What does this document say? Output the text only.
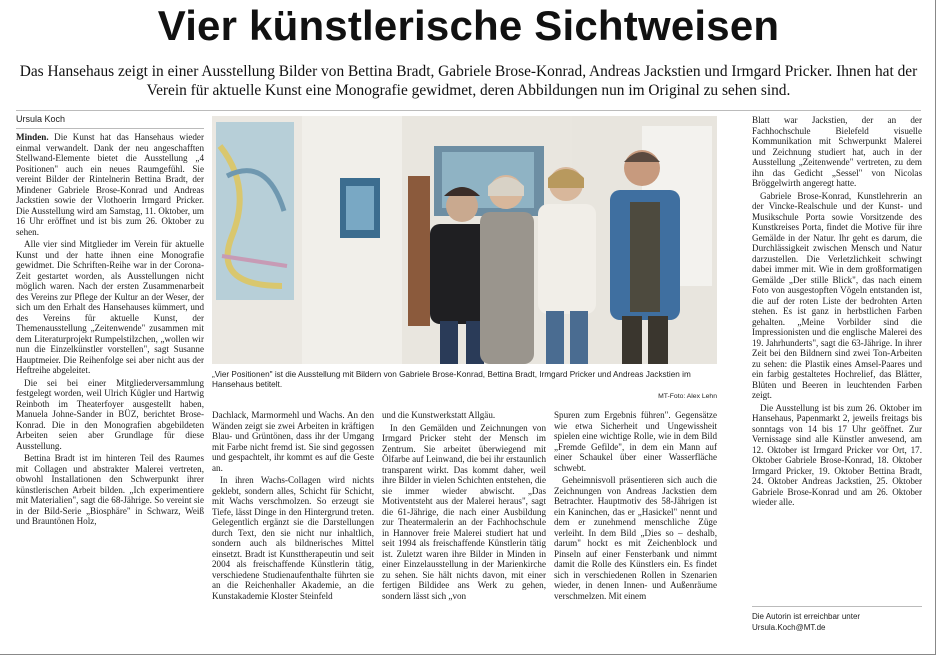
Vier künstlerische Sichtweisen

Das Hansehaus zeigt in einer Ausstellung Bilder von Bettina Bradt, Gabriele Brose-Konrad, Andreas Jackstien und Irmgard Pricker. Ihnen hat der Verein für aktuelle Kunst eine Monografie gewidmet, deren Abbildungen nun im Original zu sehen sind.

Ursula Koch
„Vier Positionen" ist die Ausstellung mit Bildern von Gabriele Brose-Konrad, Bettina Bradt, Irmgard Pricker und Andreas Jackstien im Hansehaus betitelt.
MT-Foto: Alex Lehn

Minden. Die Kunst hat das Hansehaus wieder einmal verwandelt. Dank der neu angeschafften Stellwand-Elemente bietet die Ausstellung „4 Positionen" auch ein neues Raumgefühl. Sie vereint Bilder der Rintelnerin Bettina Bradt, der Mindener Gabriele Brose-Konrad und Andreas Jackstien sowie der Vlothoerin Irmgard Pricker. Die Ausstellung wird am Samstag, 11. Oktober, um 16 Uhr eröffnet und ist bis zum 26. Oktober zu sehen.

Alle vier sind Mitglieder im Verein für aktuelle Kunst und der hatte ihnen eine Monografie gewidmet. Die Schriften-Reihe war in der Corona-Zeit gestartet worden, als Ausstellungen nicht möglich waren. Nach der ersten Zusammenarbeit des Vereins zur Pflege der Kultur an der Weser, der sich um den Erhalt des Hansehauses kümmert, und des Vereins für aktuelle Kunst, der Themenausstellung „Zeitenwende" zusammen mit dem Literaturprojekt Rumpelstilzchen, „wollen wir nun die Einzelkünstler vorstellen", sagt Susanne Hauptmeier. Die Reihenfolge sei aber nicht aus der Heftreihe abgeleitet.

Die sei bei einer Mitgliederversammlung festgelegt worden, weil Ulrich Kügler und Hartwig Reinboth im Theaterfoyer ausgestellt haben, Manuela Johne-Sander in BÜZ, berichtet Brose-Konrad. Die in den Monografien abgebildeten Arbeiten seien aber Grundlage für diese Ausstellung.

Bettina Bradt ist im hinteren Teil des Raumes mit Collagen und abstrakter Malerei vertreten, obwohl Installationen den Schwerpunkt ihrer künstlerischen Arbeit bilden. „Ich experimentiere mit Materialien", sagt die 68-Jährige. So vereint sie in der Bild-Serie „Biosphäre" in Schwarz, Weiß und Brauntönen Holz,

Dachlack, Marmormehl und Wachs. An den Wänden zeigt sie zwei Arbeiten in kräftigen Blau- und Grüntönen, dass ihr der Umgang mit Farbe nicht fremd ist. Sie sind gegossen und gespachtelt, ihr kommt es auf die Geste an.

In ihren Wachs-Collagen wird nichts geklebt, sondern alles, Schicht für Schicht, mit Wachs verschmolzen. So erzeugt sie Tiefe, lässt Dinge in den Hintergrund treten. Gelegentlich ergänzt sie die Darstellungen durch Text, den sie nicht nur inhaltlich, sondern auch als bildnerisches Mittel einsetzt. Bradt ist Kunsttherapeutin und seit 2004 als freischaffende Künstlerin tätig, verschiedene Studienaufenthalte führten sie an die Reichenhaller Akademie, an die Kunstakademie Kloster Steinfeld

und die Kunstwerkstatt Allgäu.

In den Gemälden und Zeichnungen von Irmgard Pricker steht der Mensch im Zentrum. Sie arbeitet überwiegend mit Ölfarbe auf Leinwand, die bei ihr erstaunlich transparent wirkt. Das kommt daher, weil ihre Bilder in vielen Schichten entstehen, die sie immer wieder abwischt. „Das Motiventsteht aus der Malerei heraus", sagt die 61-Jährige, die nach einer Ausbildung zur Theatermalerin an der Fachhochschule in Hannover freie Malerei studiert hat und seit 1994 als freischaffende Künstlerin tätig ist. Zuletzt waren ihre Bilder in Minden in einer Einzelausstellung in der Marienkirche zu sehen. Sie hält nichts davon, mit einer fertigen Bildidee ans Werk zu gehen, sondern lässt sich „von

Spuren zum Ergebnis führen". Gegensätze wie etwa Sicherheit und Ungewissheit spielen eine wichtige Rolle, wie in dem Bild „Fremde Gefilde", in dem ein Mann auf einer Schaukel über einer Wasserfläche schwebt.

Geheimnisvoll präsentieren sich auch die Zeichnungen von Andreas Jackstien dem Betrachter. Hauptmotiv des 58-Jährigen ist ein Kaninchen, das er „Hasickel" nennt und dem er zunehmend menschliche Züge verleiht. In dem Bild „Dies so – deshalb, darum" hockt es mit Zeichenblock und Pinseln auf einer Fensterbank und nimmt damit die Rolle des Künstlers ein. Es findet sich in verschiedenen Rollen in Szenarien wieder, in denen Innen- und Außenräume verschmelzen. Mit einem

Blatt war Jackstien, der an der Fachhochschule Bielefeld visuelle Kommunikation mit Schwerpunkt Malerei und Zeichnung studiert hat, auch in der Ausstellung „Zeitenwende" vertreten, zu dem ihn das Gedicht „Sessel" von Nicolas Bröggelwirth angeregt hatte.

Gabriele Brose-Konrad, Kunstlehrerin an der Vincke-Realschule und der Kunst- und Musikschule Porta sowie Vorsitzende des Kunstkreises Porta, findet die Motive für ihre Gemälde in der Natur. Ihr geht es darum, die Durchlässigkeit zwischen Mensch und Natur darzustellen. Die Verletzlichkeit schwingt dabei immer mit. Wie in dem großformatigen Gemälde „Der stille Blick", das nach einem Foto von ausgestopften Vögeln entstanden ist, die auf der roten Liste der bedrohten Arten stehen. Es ist ganz in herbstlichen Farben gehalten. „Meine Vorbilder sind die Impressionisten und die englische Malerei des 19. Jahrhunderts", sagt die 63-Jährige. In ihrer Zeit bei den Bildnern sind zwei Ton-Arbeiten zu sehen: die Plastik eines Amsel-Paares und ein farbig gestaltetes Hochrelief, das Blätter, Blüten und Beeren in leuchtenden Farben zeigt.

Die Ausstellung ist bis zum 26. Oktober im Hansehaus, Papenmarkt 2, jeweils freitags bis sonntags von 14 bis 17 Uhr geöffnet. Zur Vernissage sind alle Künstler anwesend, am 12. Oktober ist Irmgard Pricker vor Ort, 17. Oktober Gabriele Brose-Konrad, 18. Oktober Irmgard Pricker, 19. Oktober Bettina Bradt, 24. Oktober Andreas Jackstien, 25. Oktober Gabriele Brose-Konrad und am 26. Oktober wieder alle.

Die Autorin ist erreichbar unter
Ursula.Koch@MT.de
